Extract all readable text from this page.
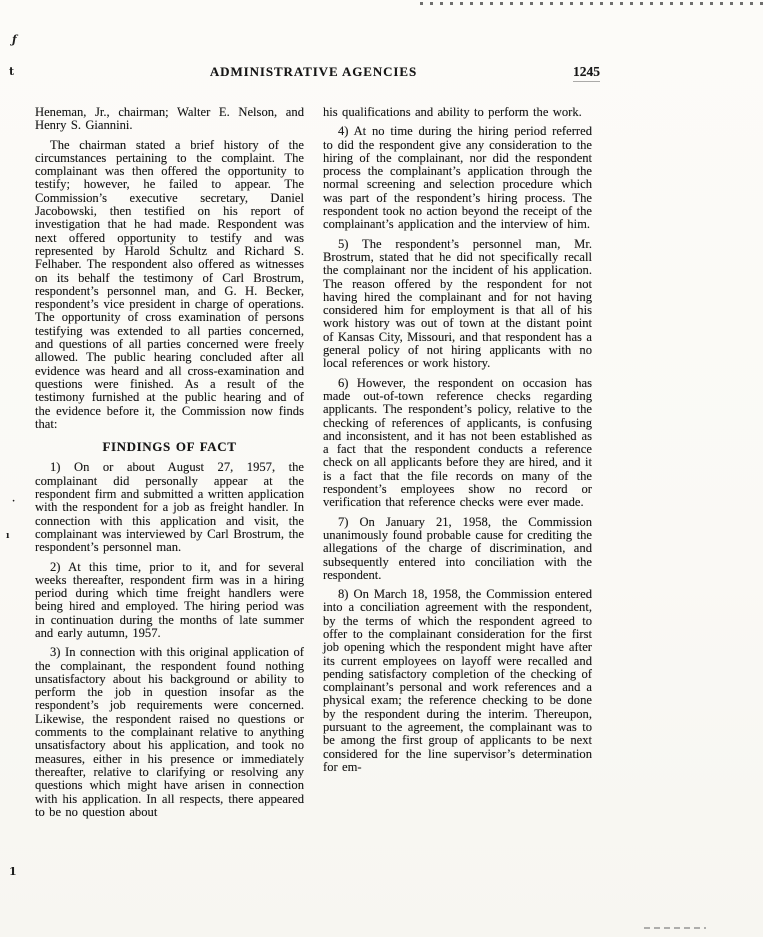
ADMINISTRATIVE AGENCIES	1245

Heneman, Jr., chairman; Walter E. Nelson, and Henry S. Giannini.

The chairman stated a brief history of the circumstances pertaining to the complaint. The complainant was then offered the opportunity to testify; however, he failed to appear. The Commission’s executive secretary, Daniel Jacobowski, then testified on his report of investigation that he had made. Respondent was next offered opportunity to testify and was represented by Harold Schultz and Richard S. Felhaber. The respondent also offered as witnesses on its behalf the testimony of Carl Brostrum, respondent’s personnel man, and G. H. Becker, respondent’s vice president in charge of operations. The opportunity of cross examination of persons testifying was extended to all parties concerned, and questions of all parties concerned were freely allowed. The public hearing concluded after all evidence was heard and all cross-examination and questions were finished. As a result of the testimony furnished at the public hearing and of the evidence before it, the Commission now finds that:

FINDINGS OF FACT

1) On or about August 27, 1957, the complainant did personally appear at the respondent firm and submitted a written application with the respondent for a job as freight handler. In connection with this application and visit, the complainant was interviewed by Carl Brostrum, the respondent’s personnel man.

2) At this time, prior to it, and for several weeks thereafter, respondent firm was in a hiring period during which time freight handlers were being hired and employed. The hiring period was in continuation during the months of late summer and early autumn, 1957.

3) In connection with this original application of the complainant, the respondent found nothing unsatisfactory about his background or ability to perform the job in question insofar as the respondent’s job requirements were concerned. Likewise, the respondent raised no questions or comments to the complainant relative to anything unsatisfactory about his application, and took no measures, either in his presence or immediately thereafter, relative to clarifying or resolving any questions which might have arisen in connection with his application. In all respects, there appeared to be no question about

his qualifications and ability to perform the work.

4) At no time during the hiring period referred to did the respondent give any consideration to the hiring of the complainant, nor did the respondent process the complainant’s application through the normal screening and selection procedure which was part of the respondent’s hiring process. The respondent took no action beyond the receipt of the complainant’s application and the interview of him.

5) The respondent’s personnel man, Mr. Brostrum, stated that he did not specifically recall the complainant nor the incident of his application. The reason offered by the respondent for not having hired the complainant and for not having considered him for employment is that all of his work history was out of town at the distant point of Kansas City, Missouri, and that respondent has a general policy of not hiring applicants with no local references or work history.

6) However, the respondent on occasion has made out-of-town reference checks regarding applicants. The respondent’s policy, relative to the checking of references of applicants, is confusing and inconsistent, and it has not been established as a fact that the respondent conducts a reference check on all applicants before they are hired, and it is a fact that the file records on many of the respondent’s employees show no record or verification that reference checks were ever made.

7) On January 21, 1958, the Commission unanimously found probable cause for crediting the allegations of the charge of discrimination, and subsequently entered into conciliation with the respondent.

8) On March 18, 1958, the Commission entered into a conciliation agreement with the respondent, by the terms of which the respondent agreed to offer to the complainant consideration for the first job opening which the respondent might have after its current employees on layoff were recalled and pending satisfactory completion of the checking of complainant’s personal and work references and a physical exam; the reference checking to be done by the respondent during the interim. Thereupon, pursuant to the agreement, the complainant was to be among the first group of applicants to be next considered for the line supervisor’s determination for em-

ƒ
t
·
ı
1
